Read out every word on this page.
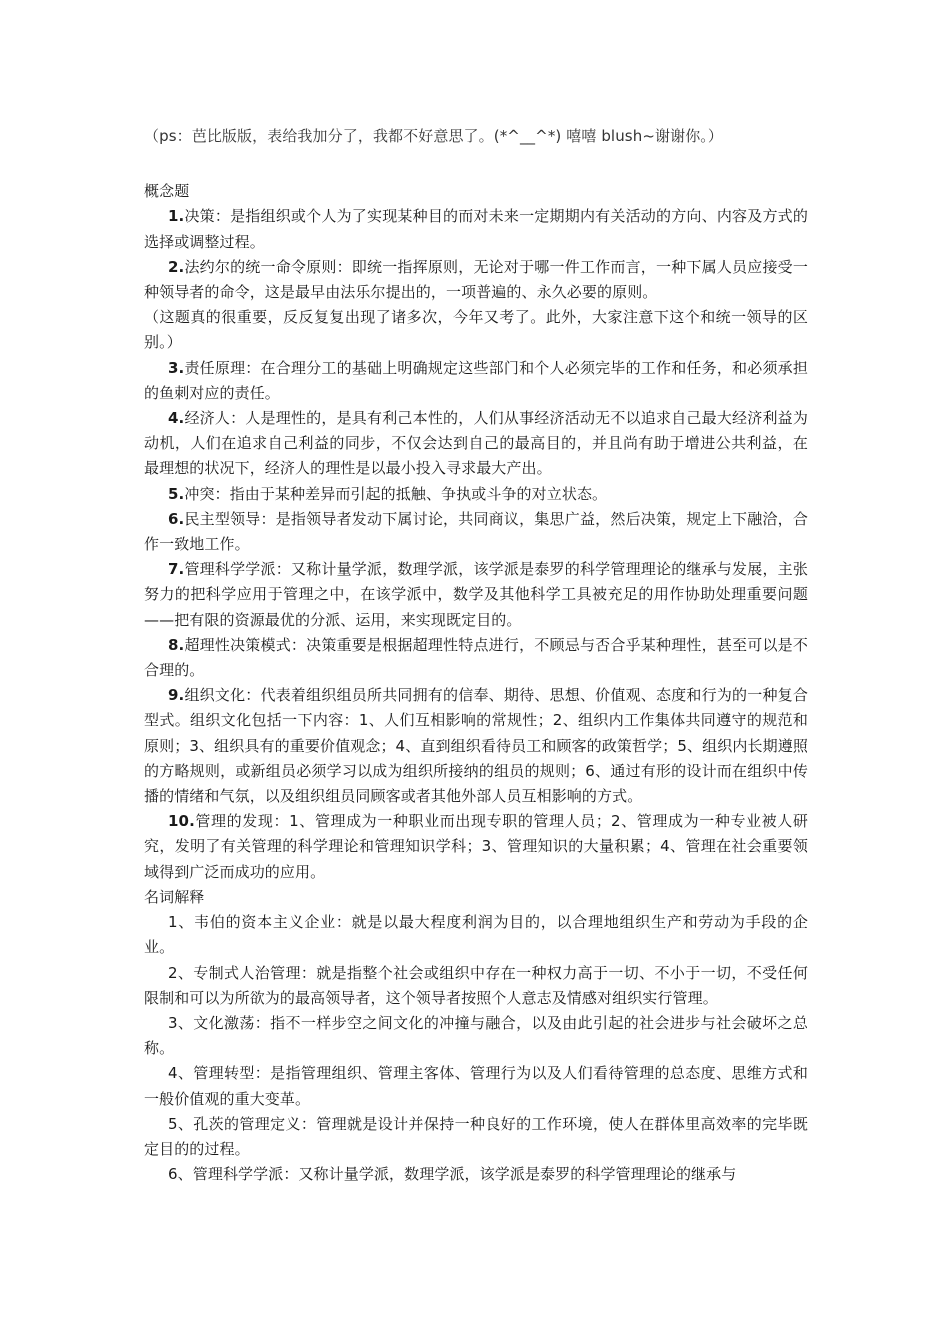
（ps：芭比版版，表给我加分了，我都不好意思了。(*^__^*) 嘻嘻 blush~谢谢你。）

概念题

1.决策：是指组织或个人为了实现某种目的而对未来一定期期内有关活动的方向、内容及方式的选择或调整过程。

2.法约尔的统一命令原则：即统一指挥原则，无论对于哪一件工作而言，一种下属人员应接受一种领导者的命令，这是最早由法乐尔提出的，一项普遍的、永久必要的原则。

（这题真的很重要，反反复复出现了诸多次，今年又考了。此外，大家注意下这个和统一领导的区别。）

3.责任原理：在合理分工的基础上明确规定这些部门和个人必须完毕的工作和任务，和必须承担的鱼刺对应的责任。

4.经济人：人是理性的，是具有利己本性的，人们从事经济活动无不以追求自己最大经济利益为动机，人们在追求自己利益的同步，不仅会达到自己的最高目的，并且尚有助于增进公共利益，在最理想的状况下，经济人的理性是以最小投入寻求最大产出。

5.冲突：指由于某种差异而引起的抵触、争执或斗争的对立状态。

6.民主型领导：是指领导者发动下属讨论，共同商议，集思广益，然后决策，规定上下融洽，合作一致地工作。

7.管理科学学派：又称计量学派，数理学派，该学派是泰罗的科学管理理论的继承与发展，主张努力的把科学应用于管理之中，在该学派中，数学及其他科学工具被充足的用作协助处理重要问题——把有限的资源最优的分派、运用，来实现既定目的。

8.超理性决策模式：决策重要是根据超理性特点进行，不顾忌与否合乎某种理性，甚至可以是不合理的。

9.组织文化：代表着组织组员所共同拥有的信奉、期待、思想、价值观、态度和行为的一种复合型式。组织文化包括一下内容：1、人们互相影响的常规性；2、组织内工作集体共同遵守的规范和原则；3、组织具有的重要价值观念；4、直到组织看待员工和顾客的政策哲学；5、组织内长期遵照的方略规则，或新组员必须学习以成为组织所接纳的组员的规则；6、通过有形的设计而在组织中传播的情绪和气氛，以及组织组员同顾客或者其他外部人员互相影响的方式。

10.管理的发现：1、管理成为一种职业而出现专职的管理人员；2、管理成为一种专业被人研究，发明了有关管理的科学理论和管理知识学科；3、管理知识的大量积累；4、管理在社会重要领域得到广泛而成功的应用。

名词解释

1、韦伯的资本主义企业：就是以最大程度利润为目的，以合理地组织生产和劳动为手段的企业。

2、专制式人治管理：就是指整个社会或组织中存在一种权力高于一切、不小于一切，不受任何限制和可以为所欲为的最高领导者，这个领导者按照个人意志及情感对组织实行管理。

3、文化激荡：指不一样步空之间文化的冲撞与融合，以及由此引起的社会进步与社会破坏之总称。

4、管理转型：是指管理组织、管理主客体、管理行为以及人们看待管理的总态度、思维方式和一般价值观的重大变革。

5、孔茨的管理定义：管理就是设计并保持一种良好的工作环境，使人在群体里高效率的完毕既定目的的过程。

6、管理科学学派：又称计量学派，数理学派，该学派是泰罗的科学管理理论的继承与
